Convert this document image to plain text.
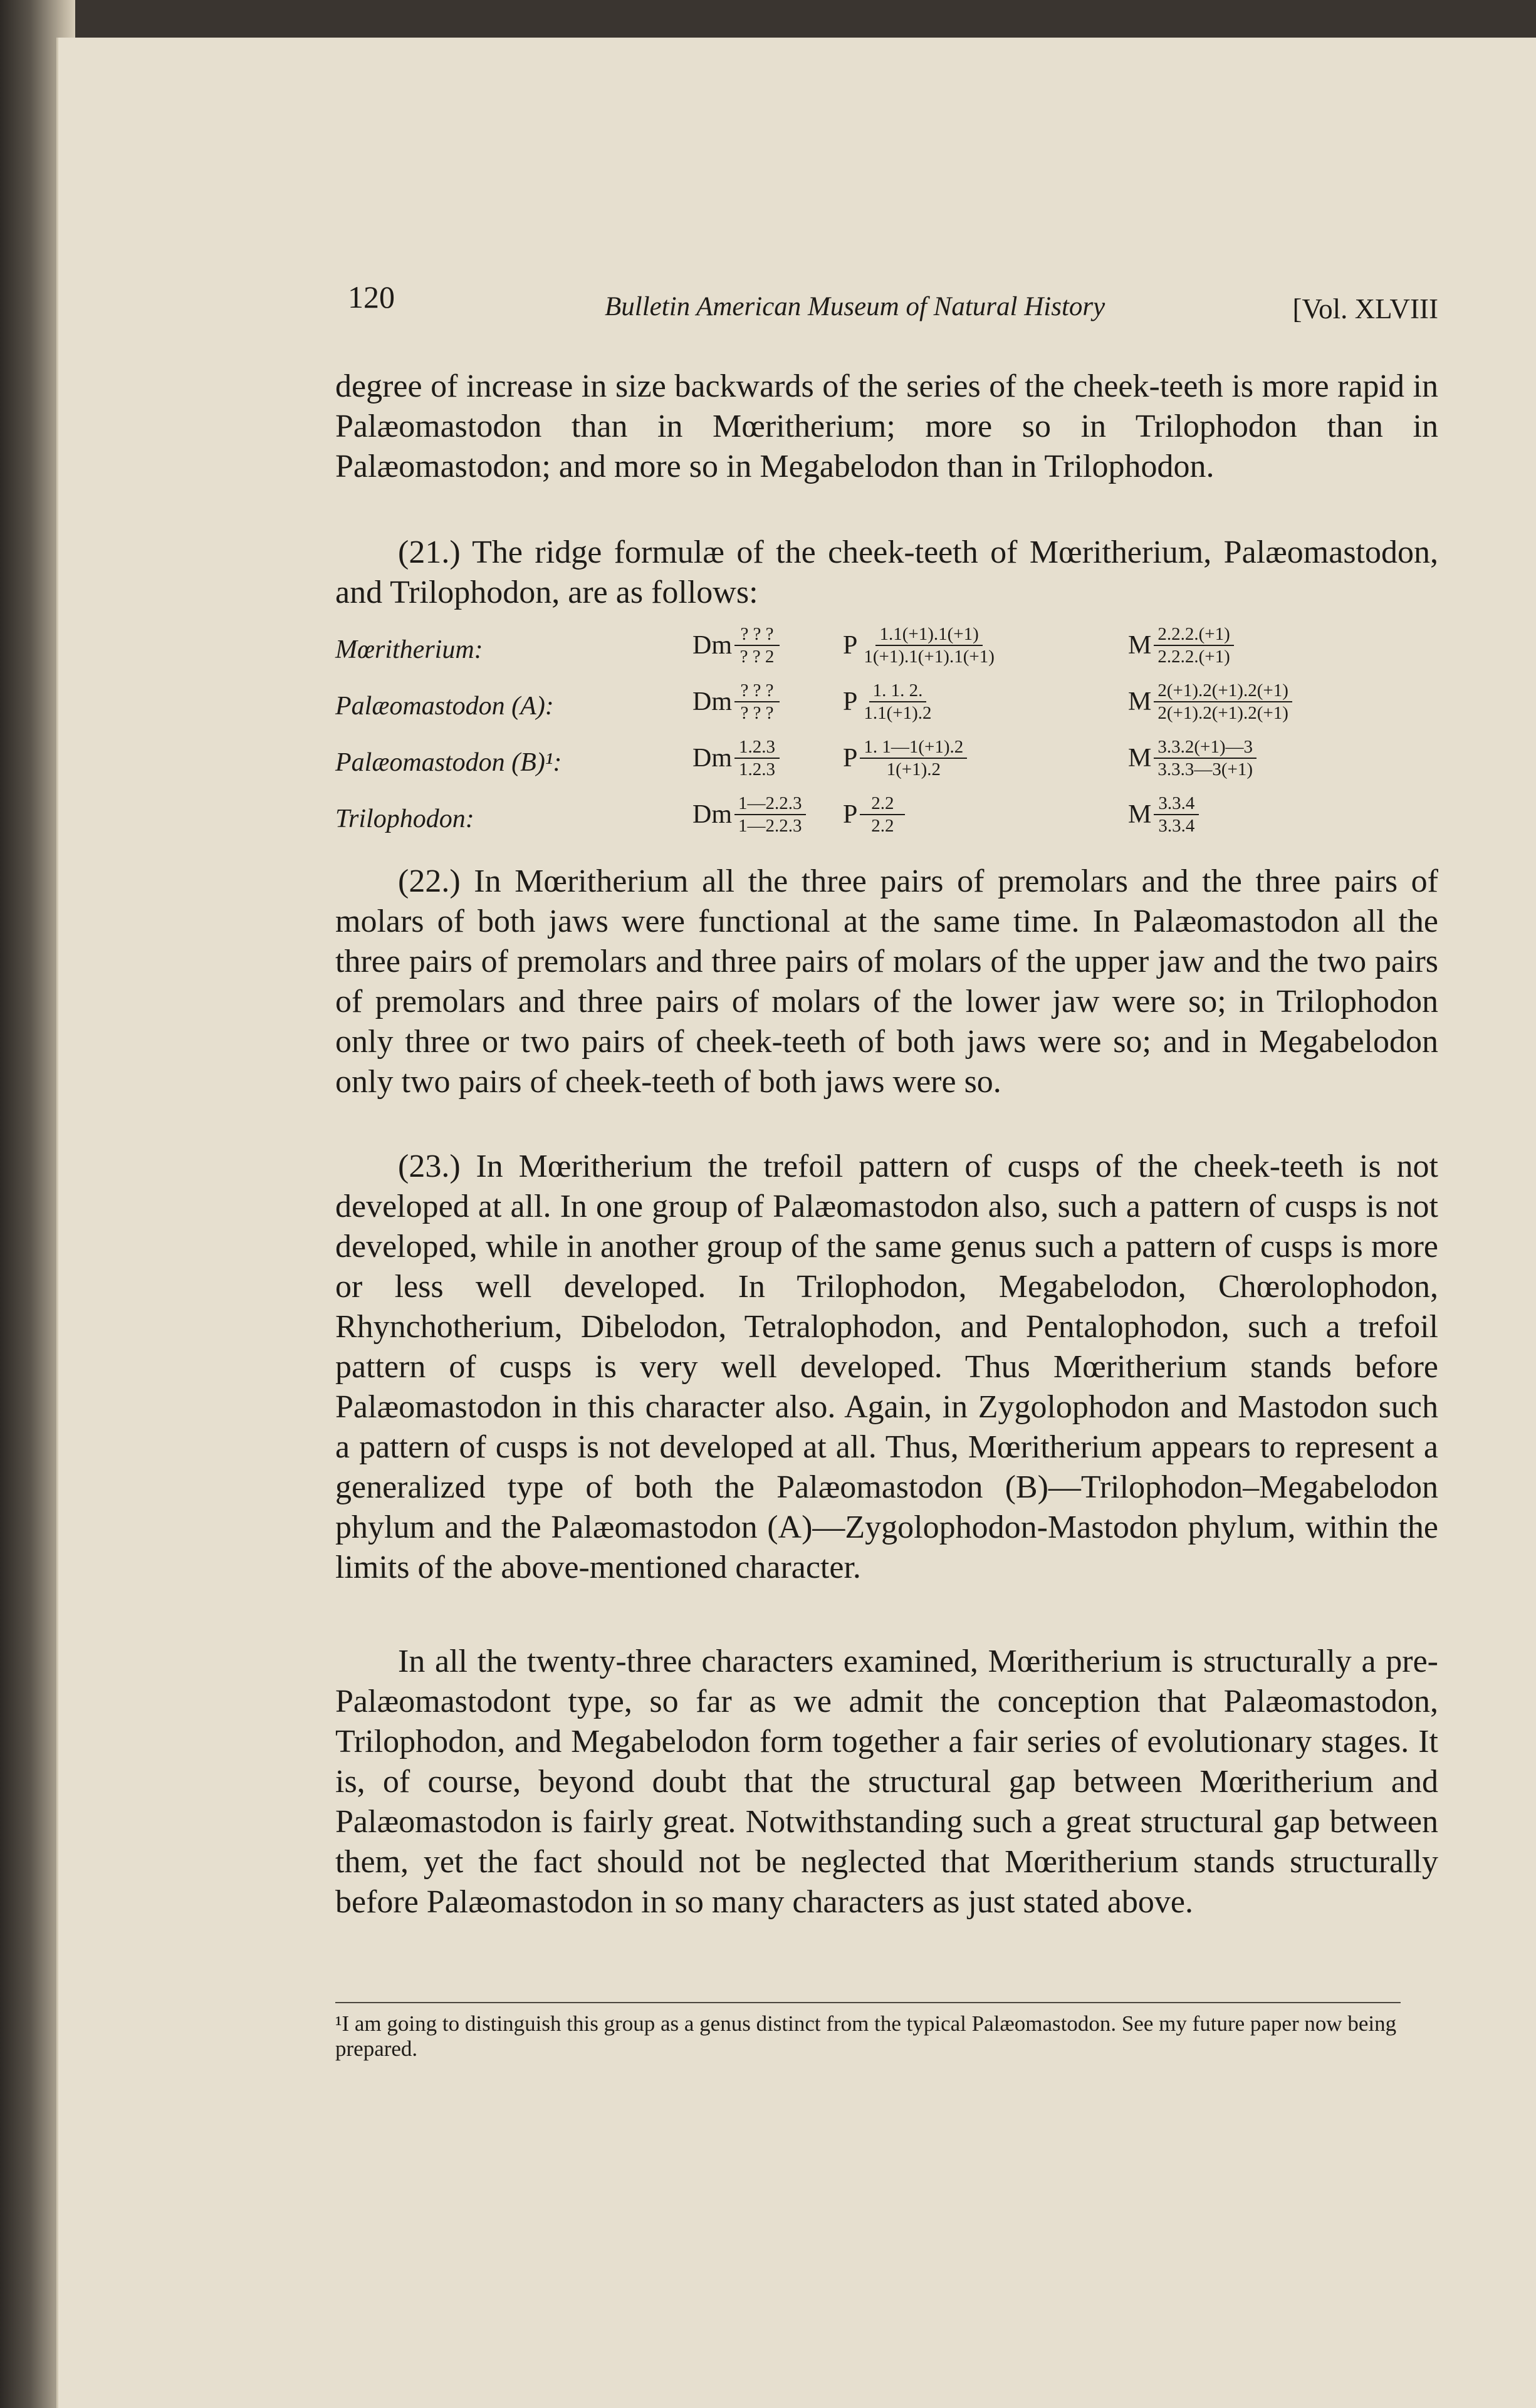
120	Bulletin American Museum of Natural History	[Vol. XLVIII

degree of increase in size backwards of the series of the cheek-teeth is more rapid in Palæomastodon than in Mœritherium; more so in Trilophodon than in Palæomastodon; and more so in Megabelodon than in Trilophodon.

(21.) The ridge formulæ of the cheek-teeth of Mœritherium, Palæomastodon, and Trilophodon, are as follows:

Mœritherium:	Dm $\frac{? ? ?}{? ? 2}$ P $\frac{1.1(+1).1(+1)}{1(+1).1(+1).1(+1)}$	M $\frac{2.2.2.(+1)}{2.2.2.(+1)}$
Palæomastodon (A):	Dm $\frac{? ? ?}{? ? ?}$ P $\frac{1. 1. 2.}{1.1(+1).2}$	M $\frac{2(+1).2(+1).2(+1)}{2(+1).2(+1).2(+1)}$
Palæomastodon (B)¹:	Dm $\frac{1.2.3}{1.2.3}$ P $\frac{1. 1—1(+1).2}{1(+1).2}$	M $\frac{3.3.2(+1)—3}{3.3.3—3(+1)}$
Trilophodon:	Dm $\frac{1—2.2.3}{1—2.2.3}$ P $\frac{2.2}{2.2}$	M $\frac{3.3.4}{3.3.4}$

(22.) In Mœritherium all the three pairs of premolars and the three pairs of molars of both jaws were functional at the same time. In Palæomastodon all the three pairs of premolars and three pairs of molars of the upper jaw and the two pairs of premolars and three pairs of molars of the lower jaw were so; in Trilophodon only three or two pairs of cheek-teeth of both jaws were so; and in Megabelodon only two pairs of cheek-teeth of both jaws were so.

(23.) In Mœritherium the trefoil pattern of cusps of the cheek-teeth is not developed at all. In one group of Palæomastodon also, such a pattern of cusps is not developed, while in another group of the same genus such a pattern of cusps is more or less well developed. In Trilophodon, Megabelodon, Chœrolophodon, Rhynchotherium, Dibelodon, Tetralophodon, and Pentalophodon, such a trefoil pattern of cusps is very well developed. Thus Mœritherium stands before Palæomastodon in this character also. Again, in Zygolophodon and Mastodon such a pattern of cusps is not developed at all. Thus, Mœritherium appears to represent a generalized type of both the Palæomastodon (B)—Trilophodon–Megabelodon phylum and the Palæomastodon (A)—Zygolophodon-Mastodon phylum, within the limits of the above-mentioned character.

In all the twenty-three characters examined, Mœritherium is structurally a pre-Palæomastodont type, so far as we admit the conception that Palæomastodon, Trilophodon, and Megabelodon form together a fair series of evolutionary stages. It is, of course, beyond doubt that the structural gap between Mœritherium and Palæomastodon is fairly great. Notwithstanding such a great structural gap between them, yet the fact should not be neglected that Mœritherium stands structurally before Palæomastodon in so many characters as just stated above.

¹I am going to distinguish this group as a genus distinct from the typical Palæomastodon. See my future paper now being prepared.
